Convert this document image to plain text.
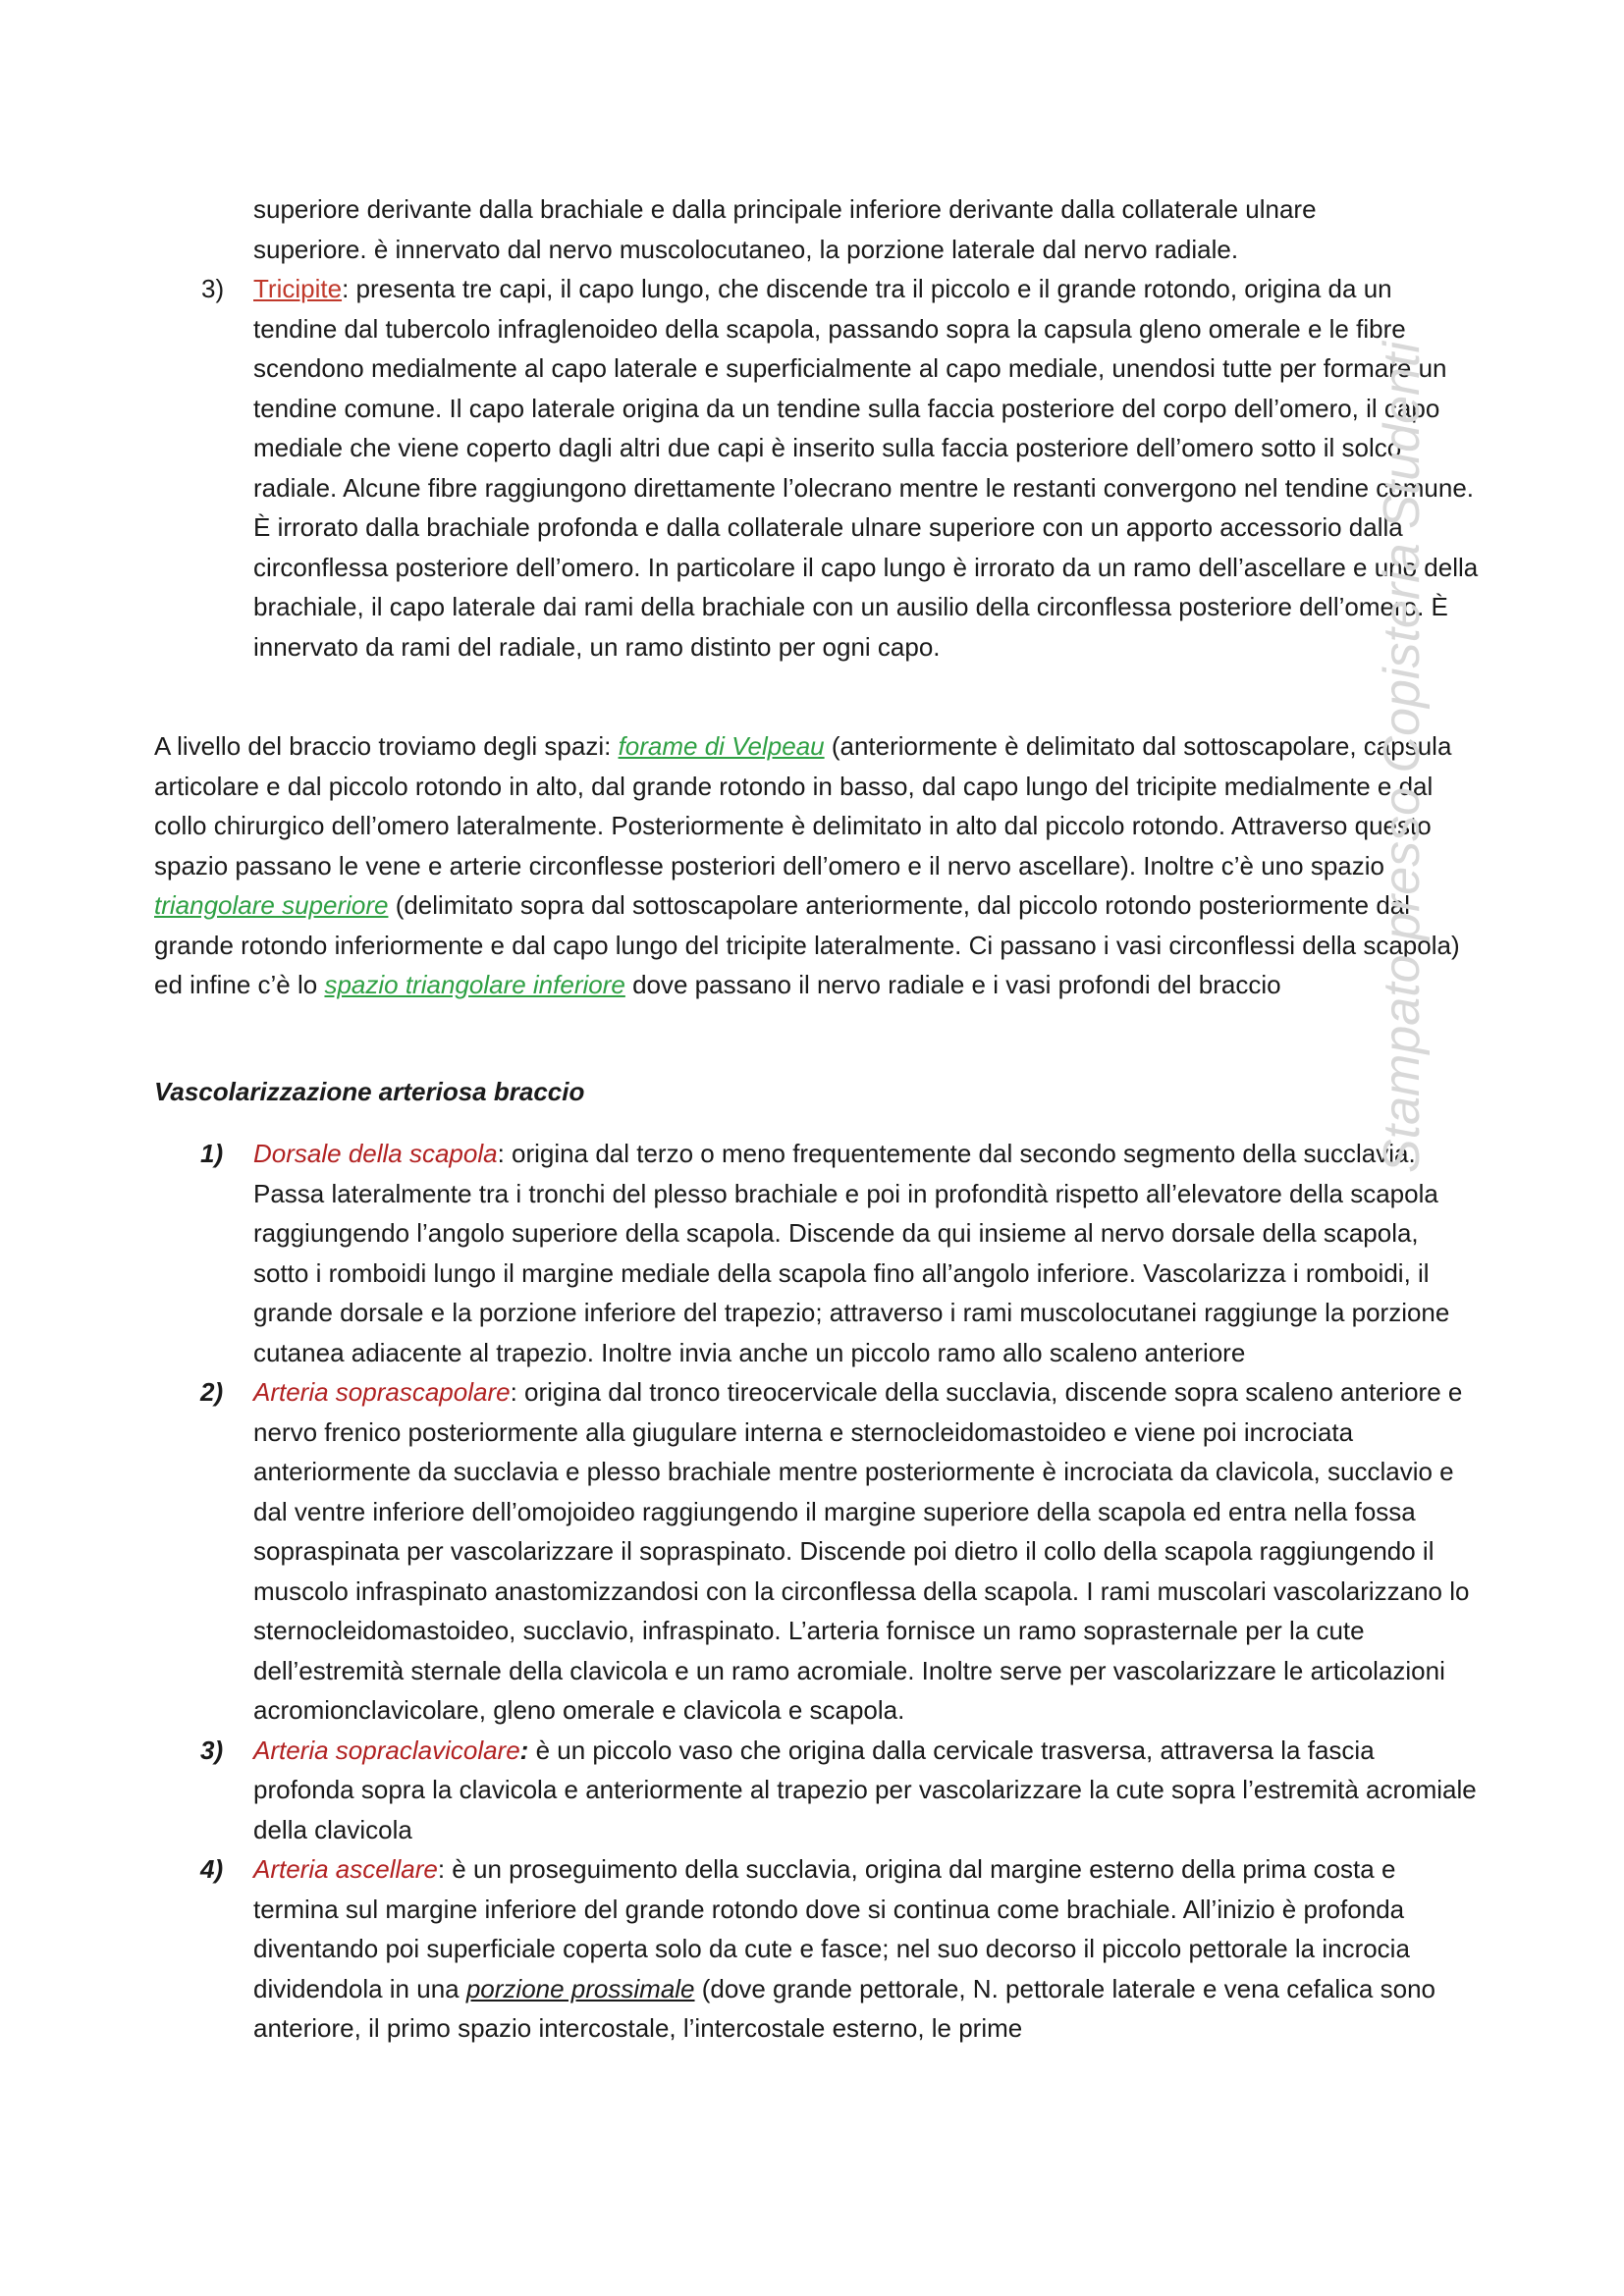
superiore derivante dalla brachiale e dalla principale inferiore derivante dalla collaterale ulnare

superiore. è innervato dal nervo muscolocutaneo, la porzione laterale dal nervo radiale.

3) Tricipite: presenta tre capi, il capo lungo, che discende tra il piccolo e il grande rotondo, origina da un tendine dal tubercolo infraglenoideo della scapola, passando sopra la capsula gleno omerale e le fibre scendono medialmente al capo laterale e superficialmente al capo mediale, unendosi tutte per formare un tendine comune. Il capo laterale origina da un tendine sulla faccia posteriore del corpo dell’omero, il capo mediale che viene coperto dagli altri due capi è inserito sulla faccia posteriore dell’omero sotto il solco radiale. Alcune fibre raggiungono direttamente l’olecrano mentre le restanti convergono nel tendine comune. È irrorato dalla brachiale profonda e dalla collaterale ulnare superiore con un apporto accessorio dalla circonflessa posteriore dell’omero. In particolare il capo lungo è irrorato da un ramo dell’ascellare e uno della brachiale, il capo laterale dai rami della brachiale con un ausilio della circonflessa posteriore dell’omero. È innervato da rami del radiale, un ramo distinto per ogni capo.

A livello del braccio troviamo degli spazi: forame di Velpeau (anteriormente è delimitato dal sottoscapolare, capsula articolare e dal piccolo rotondo in alto, dal grande rotondo in basso, dal capo lungo del tricipite medialmente e dal collo chirurgico dell’omero lateralmente. Posteriormente è delimitato in alto dal piccolo rotondo. Attraverso questo spazio passano le vene e arterie circonflesse posteriori dell’omero e il nervo ascellare). Inoltre c’è uno spazio triangolare superiore (delimitato sopra dal sottoscapolare anteriormente, dal piccolo rotondo posteriormente dal grande rotondo inferiormente e dal capo lungo del tricipite lateralmente. Ci passano i vasi circonflessi della scapola) ed infine c’è lo spazio triangolare inferiore dove passano il nervo radiale e i vasi profondi del braccio

Vascolarizzazione arteriosa braccio

1) Dorsale della scapola: origina dal terzo o meno frequentemente dal secondo segmento della succlavia. Passa lateralmente tra i tronchi del plesso brachiale e poi in profondità rispetto all’elevatore della scapola raggiungendo l’angolo superiore della scapola. Discende da qui insieme al nervo dorsale della scapola, sotto i romboidi lungo il margine mediale della scapola fino all’angolo inferiore. Vascolarizza i romboidi, il grande dorsale e la porzione inferiore del trapezio; attraverso i rami muscolocutanei raggiunge la porzione cutanea adiacente al trapezio. Inoltre invia anche un piccolo ramo allo scaleno anteriore

2) Arteria soprascapolare: origina dal tronco tireocervicale della succlavia, discende sopra scaleno anteriore e nervo frenico posteriormente alla giugulare interna e sternocleidomastoideo e viene poi incrociata anteriormente da succlavia e plesso brachiale mentre posteriormente è incrociata da clavicola, succlavio e dal ventre inferiore dell’omojoideo raggiungendo il margine superiore della scapola ed entra nella fossa sopraspinata per vascolarizzare il sopraspinato. Discende poi dietro il collo della scapola raggiungendo il muscolo infraspinato anastomizzandosi con la circonflessa della scapola. I rami muscolari vascolarizzano lo sternocleidomastoideo, succlavio, infraspinato. L’arteria fornisce un ramo soprasternale per la cute dell’estremità sternale della clavicola e un ramo acromiale. Inoltre serve per vascolarizzare le articolazioni acromionclavicolare, gleno omerale e clavicola e scapola.

3) Arteria sopraclavicolare: è un piccolo vaso che origina dalla cervicale trasversa, attraversa la fascia profonda sopra la clavicola e anteriormente al trapezio per vascolarizzare la cute sopra l’estremità acromiale della clavicola

4) Arteria ascellare: è un proseguimento della succlavia, origina dal margine esterno della prima costa e termina sul margine inferiore del grande rotondo dove si continua come brachiale. All’inizio è profonda diventando poi superficiale coperta solo da cute e fasce; nel suo decorso il piccolo pettorale la incrocia dividendola in una porzione prossimale (dove grande pettorale, N. pettorale laterale e vena cefalica sono anteriore, il primo spazio intercostale, l’intercostale esterno, le prime

Stampato presso Copisteria Studenti
